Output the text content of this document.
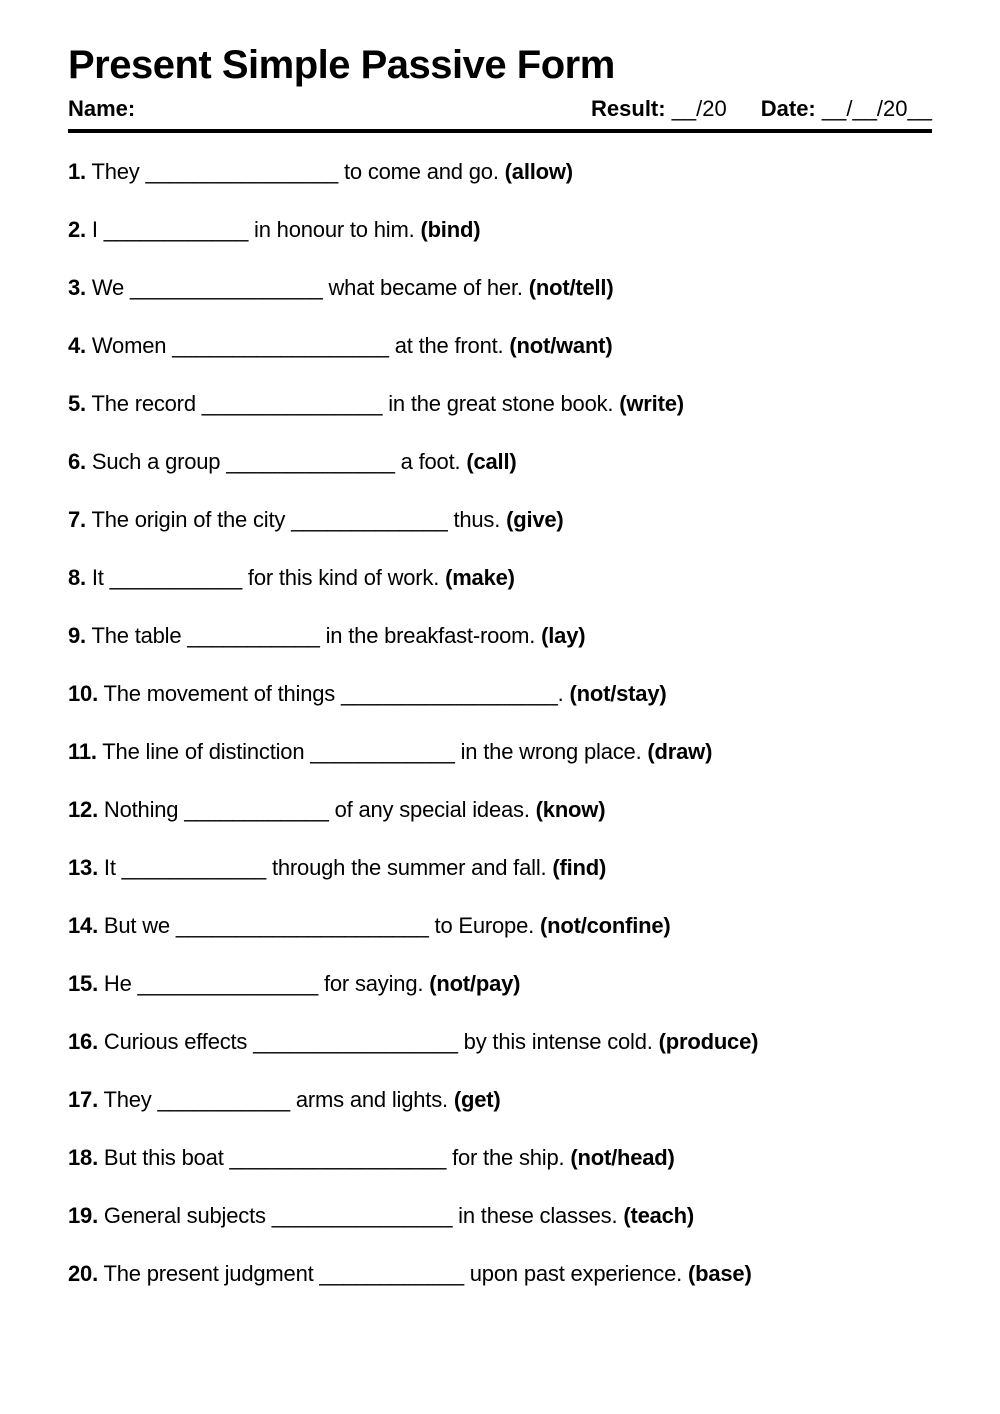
Present Simple Passive Form
Name:	Result: __/20 Date: __/__/20__
1. They ________________ to come and go. (allow)
2. I ____________ in honour to him. (bind)
3. We ________________ what became of her. (not/tell)
4. Women __________________ at the front. (not/want)
5. The record _______________ in the great stone book. (write)
6. Such a group ______________ a foot. (call)
7. The origin of the city _____________ thus. (give)
8. It ___________ for this kind of work. (make)
9. The table ___________ in the breakfast-room. (lay)
10. The movement of things __________________. (not/stay)
11. The line of distinction ____________ in the wrong place. (draw)
12. Nothing ____________ of any special ideas. (know)
13. It ____________ through the summer and fall. (find)
14. But we _____________________ to Europe. (not/confine)
15. He _______________ for saying. (not/pay)
16. Curious effects _________________ by this intense cold. (produce)
17. They ___________ arms and lights. (get)
18. But this boat __________________ for the ship. (not/head)
19. General subjects _______________ in these classes. (teach)
20. The present judgment ____________ upon past experience. (base)
